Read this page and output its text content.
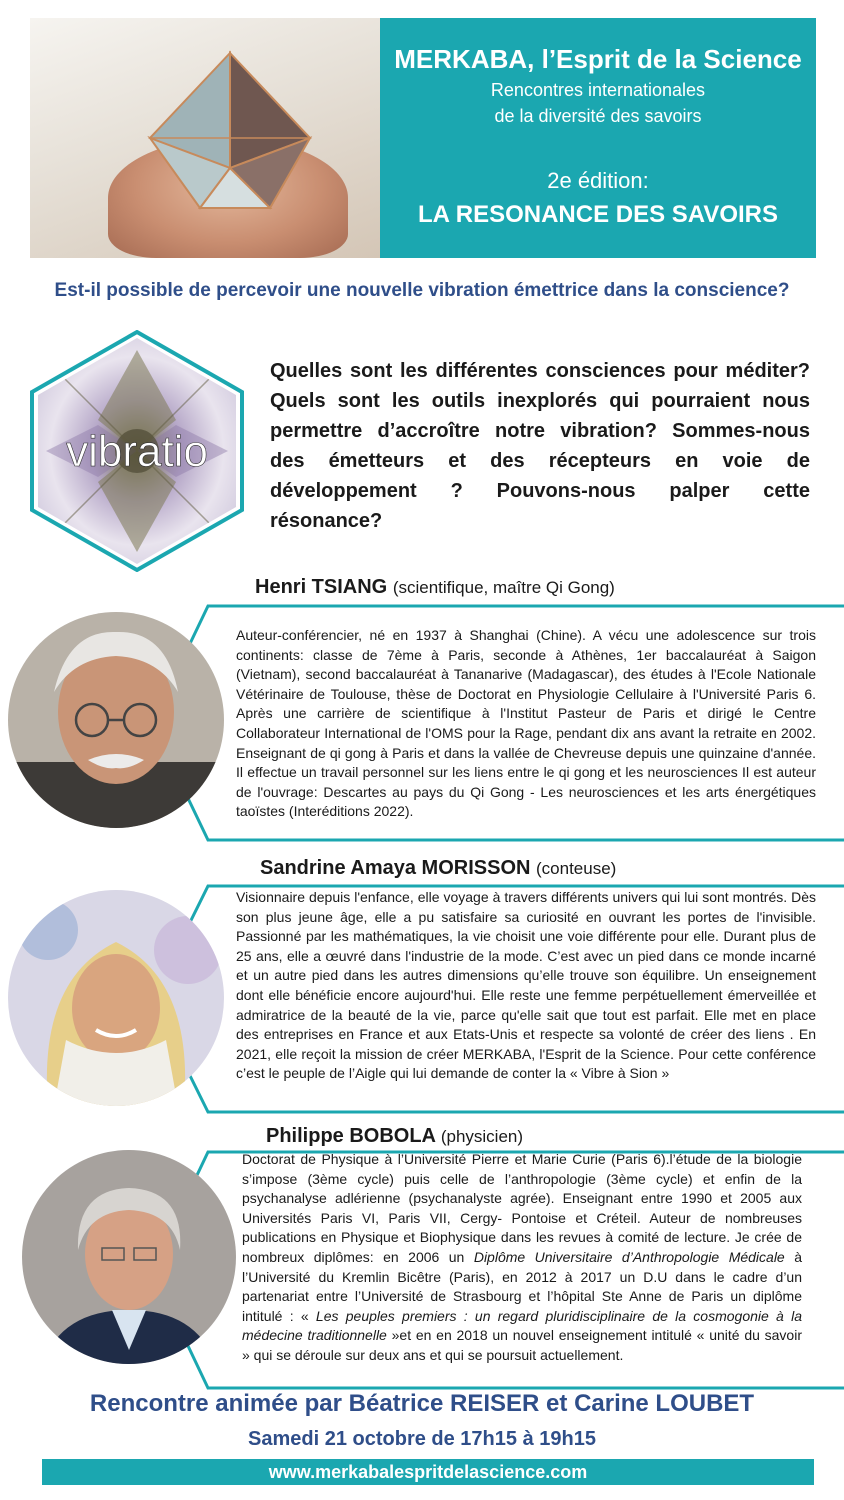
MERKABA, l’Esprit de la Science
Rencontres internationales
de la diversité des savoirs
2e édition:
LA RESONANCE DES SAVOIRS
Est-il possible de percevoir une nouvelle vibration émettrice dans la conscience?
vibratio
Quelles sont les différentes consciences pour méditer? Quels sont les outils inexplorés qui pourraient nous permettre d’accroître notre vibration? Sommes-nous des émetteurs et des récepteurs en voie de développement ? Pouvons-nous palper cette résonance?
Henri TSIANG (scientifique, maître Qi Gong)
Auteur-conférencier, né en 1937 à Shanghai (Chine). A vécu une adolescence sur trois continents: classe de 7ème à Paris, seconde à Athènes, 1er baccalauréat à Saigon (Vietnam), second baccalauréat à Tananarive (Madagascar), des études à l'Ecole Nationale Vétérinaire de Toulouse, thèse de Doctorat en Physiologie Cellulaire à l'Université Paris 6. Après une carrière de scientifique à l'Institut Pasteur de Paris et dirigé le Centre Collaborateur International de l'OMS pour la Rage, pendant dix ans avant la retraite en 2002. Enseignant de qi gong à Paris et dans la vallée de Chevreuse depuis une quinzaine d'année. Il effectue un travail personnel sur les liens entre le qi gong et les neurosciences Il est auteur de l'ouvrage: Descartes au pays du Qi Gong - Les neurosciences et les arts énergétiques taoïstes (Interéditions 2022).
Sandrine Amaya MORISSON (conteuse)
Visionnaire depuis l'enfance, elle voyage à travers différents univers qui lui sont montrés. Dès son plus jeune âge, elle a pu satisfaire sa curiosité en ouvrant les portes de l'invisible. Passionné par les mathématiques, la vie choisit une voie différente pour elle. Durant plus de 25 ans, elle a œuvré dans l'industrie de la mode. C’est avec un pied dans ce monde incarné et un autre pied dans les autres dimensions qu’elle trouve son équilibre. Un enseignement dont elle bénéficie encore aujourd'hui. Elle reste une femme perpétuellement émerveillée et admiratrice de la beauté de la vie, parce qu'elle sait que tout est parfait. Elle met en place des entreprises en France et aux Etats-Unis et respecte sa volonté de créer des liens . En 2021, elle reçoit la mission de créer MERKABA, l'Esprit de la Science. Pour cette conférence c’est le peuple de l’Aigle qui lui demande de conter la « Vibre à Sion »
Philippe BOBOLA (physicien)
Doctorat de Physique à l’Université Pierre et Marie Curie (Paris 6).l’étude de la biologie s’impose (3ème cycle) puis celle de l’anthropologie (3ème cycle) et enfin de la psychanalyse adlérienne (psychanalyste agrée). Enseignant entre 1990 et 2005 aux Universités Paris VI, Paris VII, Cergy- Pontoise et Créteil. Auteur de nombreuses publications en Physique et Biophysique dans les revues à comité de lecture. Je crée de nombreux diplômes: en 2006 un Diplôme Universitaire d’Anthropologie Médicale à l’Université du Kremlin Bicêtre (Paris), en 2012 à 2017 un D.U dans le cadre d’un partenariat entre l’Université de Strasbourg et l’hôpital Ste Anne de Paris un diplôme intitulé : « Les peuples premiers : un regard pluridisciplinaire de la cosmogonie à la médecine traditionnelle »et en en 2018 un nouvel enseignement intitulé « unité du savoir » qui se déroule sur deux ans et qui se poursuit actuellement.
Rencontre animée par Béatrice REISER et Carine LOUBET
Samedi 21 octobre de 17h15 à 19h15
www.merkabalespritdelascience.com
